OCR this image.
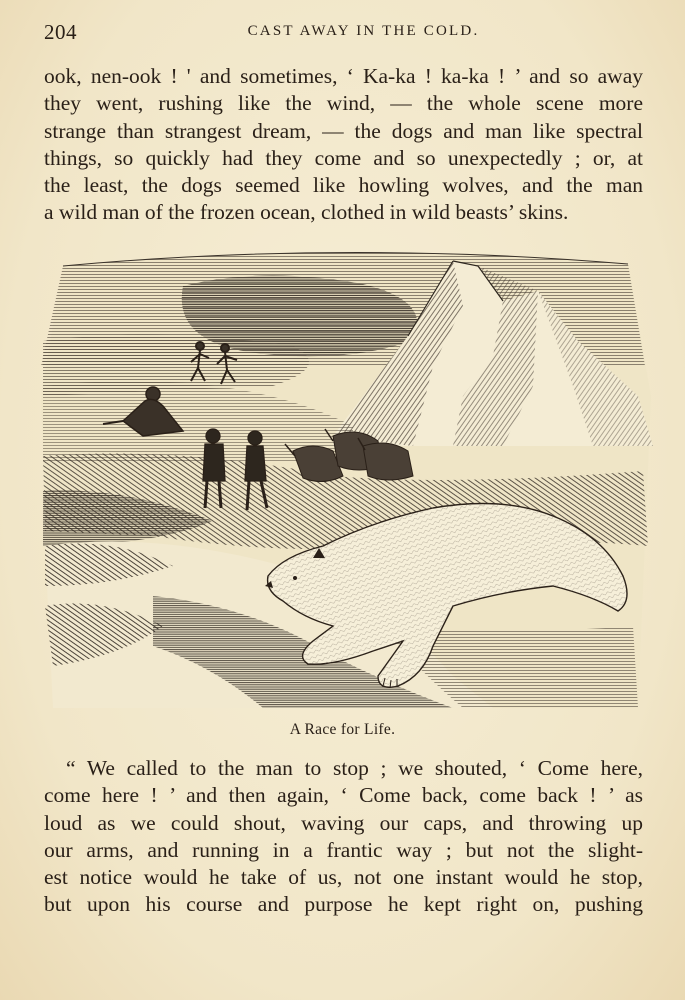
204	CAST AWAY IN THE COLD.
ook, nen-ook ! ' and sometimes, ‘ Ka-ka ! ka-ka ! ’ and so away
they went, rushing like the wind, — the whole scene more
strange than strangest dream, — the dogs and man like spectral
things, so quickly had they come and so unexpectedly ; or, at
the least, the dogs seemed like howling wolves, and the man
a wild man of the frozen ocean, clothed in wild beasts’ skins.
A Race for Life.
“ We called to the man to stop ; we shouted, ‘ Come here,
come here ! ’ and then again, ‘ Come back, come back ! ’ as
loud as we could shout, waving our caps, and throwing up
our arms, and running in a frantic way ; but not the slight-
est notice would he take of us, not one instant would he stop,
but upon his course and purpose he kept right on, pushing
